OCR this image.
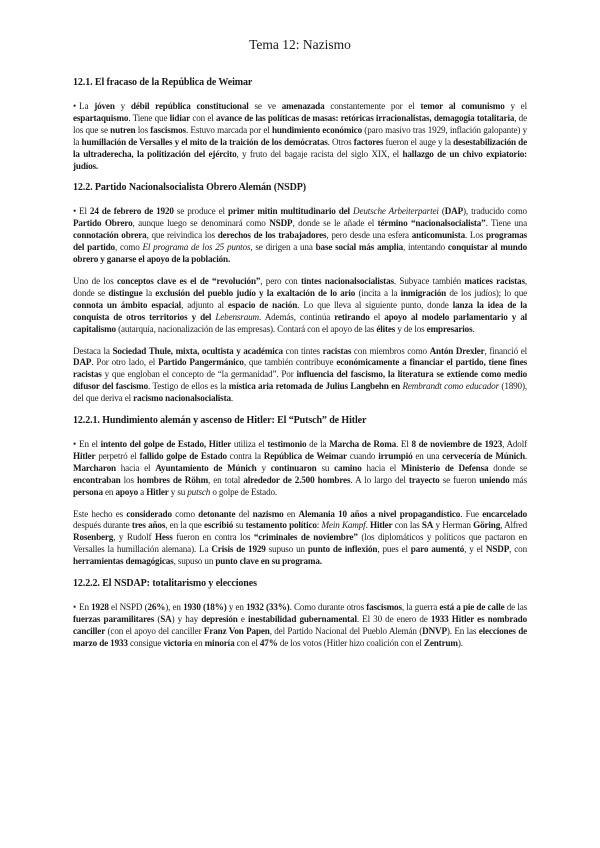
Tema 12: Nazismo
12.1. El fracaso de la República de Weimar
• La jóven y débil república constitucional se ve amenazada constantemente por el temor al comunismo y el espartaquismo. Tiene que lidiar con el avance de las políticas de masas: retóricas irracionalistas, demagogia totalitaria, de los que se nutren los fascismos. Estuvo marcada por el hundimiento económico (paro masivo tras 1929, inflación galopante) y la humillación de Versalles y el mito de la traición de los demócratas. Otros factores fueron el auge y la desestabilización de la ultraderecha, la politización del ejército, y fruto del bagaje racista del siglo XIX, el hallazgo de un chivo expiatorio: judíos.
12.2. Partido Nacionalsocialista Obrero Alemán (NSDP)
• El 24 de febrero de 1920 se produce el primer mitin multitudinario del Deutsche Arbeiterpartei (DAP), traducido como Partido Obrero, aunque luego se denominará como NSDP, donde se le añade el término “nacionalsocialista”. Tiene una connotación obrera, que reivindica los derechos de los trabajadores, pero desde una esfera anticomunista. Los programas del partido, como El programa de los 25 puntos, se dirigen a una base social más amplia, intentando conquistar al mundo obrero y ganarse el apoyo de la población.
Uno de los conceptos clave es el de “revolución”, pero con tintes nacionalsocialistas. Subyace también matices racistas, donde se distingue la exclusión del pueblo judío y la exaltación de lo ario (incita a la inmigración de los judíos); lo que connota un ámbito espacial, adjunto al espacio de nación. Lo que lleva al siguiente punto, donde lanza la idea de la conquista de otros territorios y del Lebensraum. Además, continúa retirando el apoyo al modelo parlamentario y al capitalismo (autarquía, nacionalización de las empresas). Contará con el apoyo de las élites y de los empresarios.
Destaca la Sociedad Thule, mixta, ocultista y académica con tintes racistas con miembros como Antón Drexler, financió el DAP. Por otro lado, el Partido Pangermánico, que también contribuye económicamente a financiar el partido, tiene fines racistas y que engloban el concepto de “la germanidad”. Por influencia del fascismo, la literatura se extiende como medio difusor del fascismo. Testigo de ellos es la mística aria retomada de Julius Langbehn en Rembrandt como educador (1890), del que deriva el racismo nacionalsocialista.
12.2.1. Hundimiento alemán y ascenso de Hitler: El “Putsch” de Hitler
• En el intento del golpe de Estado, Hitler utiliza el testimonio de la Marcha de Roma. El 8 de noviembre de 1923, Adolf Hitler perpetró el fallido golpe de Estado contra la República de Weimar cuando irrumpió en una cervecería de Múnich. Marcharon hacia el Ayuntamiento de Múnich y continuaron su camino hacia el Ministerio de Defensa donde se encontraban los hombres de Röhm, en total alrededor de 2.500 hombres. A lo largo del trayecto se fueron uniendo más persona en apoyo a Hitler y su putsch o golpe de Estado.
Este hecho es considerado como detonante del nazismo en Alemania 10 años a nivel propagandístico. Fue encarcelado después durante tres años, en la que escribió su testamento político: Mein Kampf. Hitler con las SA y Herman Göring, Alfred Rosenberg, y Rudolf Hess fueron en contra los “criminales de noviembre” (los diplomáticos y políticos que pactaron en Versalles la humillación alemana). La Crisis de 1929 supuso un punto de inflexión, pues el paro aumentó, y el NSDP, con herramientas demagógicas, supuso un punto clave en su programa.
12.2.2. El NSDAP: totalitarismo y elecciones
• En 1928 el NSPD (26%), en 1930 (18%) y en 1932 (33%). Como durante otros fascismos, la guerra está a pie de calle de las fuerzas paramilitares (SA) y hay depresión e inestabilidad gubernamental. El 30 de enero de 1933 Hitler es nombrado canciller (con el apoyo del canciller Franz Von Papen, del Partido Nacional del Pueblo Alemán (DNVP). En las elecciones de marzo de 1933 consigue victoria en minoría con el 47% de los votos (Hitler hizo coalición con el Zentrum).
